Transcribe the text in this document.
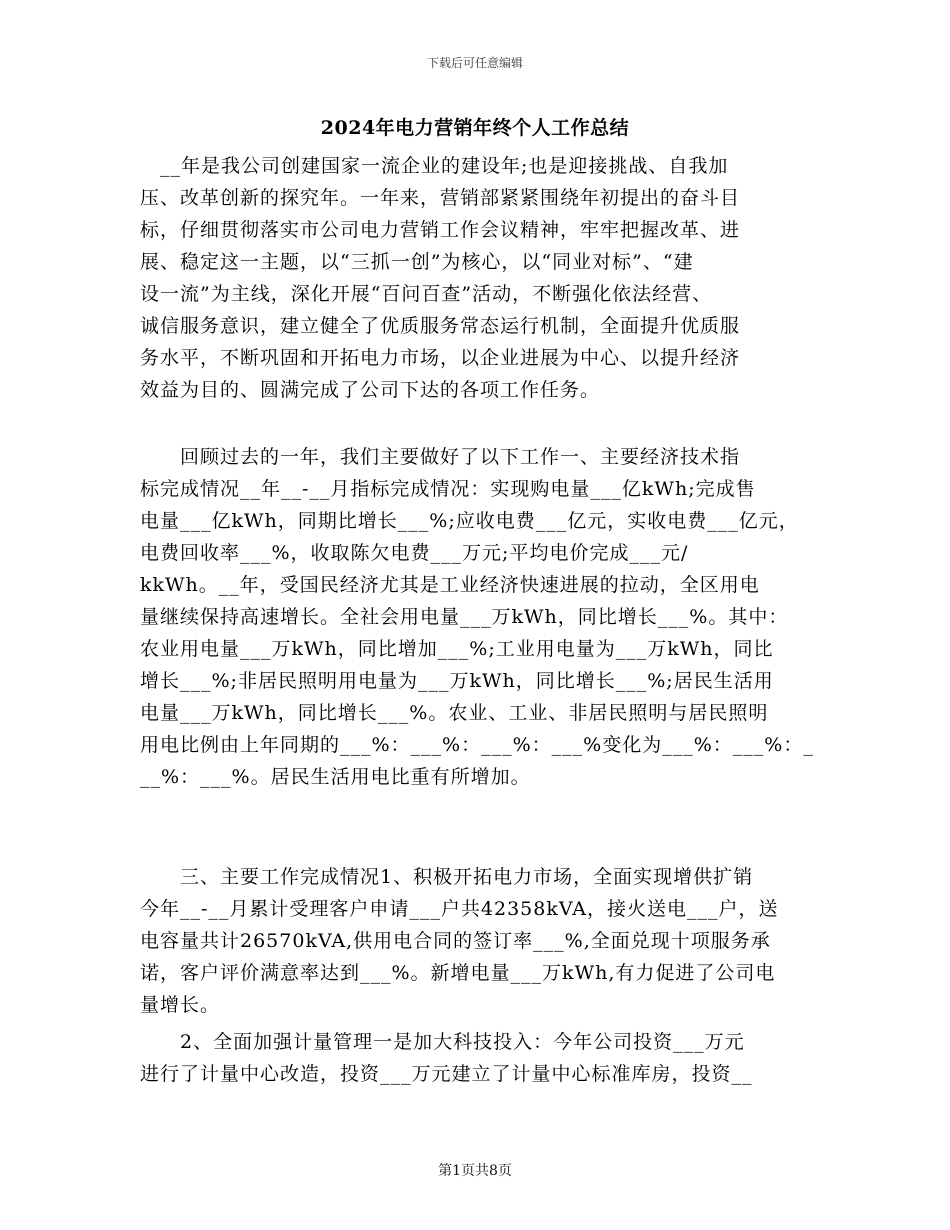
下载后可任意编辑
2024年电力营销年终个人工作总结
　__年是我公司创建国家一流企业的建设年;也是迎接挑战、自我加
压、改革创新的探究年。一年来，营销部紧紧围绕年初提出的奋斗目
标，仔细贯彻落实市公司电力营销工作会议精神，牢牢把握改革、进
展、稳定这一主题，以“三抓一创”为核心，以“同业对标”、“建
设一流”为主线，深化开展“百问百查”活动，不断强化依法经营、
诚信服务意识，建立健全了优质服务常态运行机制，全面提升优质服
务水平，不断巩固和开拓电力市场，以企业进展为中心、以提升经济
效益为目的、圆满完成了公司下达的各项工作任务。
　　回顾过去的一年，我们主要做好了以下工作一、主要经济技术指
标完成情况__年__-__月指标完成情况：实现购电量___亿kWh;完成售
电量___亿kWh，同期比增长___%;应收电费___亿元，实收电费___亿元，
电费回收率___%，收取陈欠电费___万元;平均电价完成___元/
kkWh。__年，受国民经济尤其是工业经济快速进展的拉动，全区用电
量继续保持高速增长。全社会用电量___万kWh，同比增长___%。其中：
农业用电量___万kWh，同比增加___%;工业用电量为___万kWh，同比
增长___%;非居民照明用电量为___万kWh，同比增长___%;居民生活用
电量___万kWh，同比增长___%。农业、工业、非居民照明与居民照明
用电比例由上年同期的___%：___%：___%：___%变化为___%：___%：_
__%：___%。居民生活用电比重有所增加。
　　三、主要工作完成情况1、积极开拓电力市场，全面实现增供扩销
今年__-__月累计受理客户申请___户共42358kVA，接火送电___户，送
电容量共计26570kVA,供用电合同的签订率___%,全面兑现十项服务承
诺，客户评价满意率达到___%。新增电量___万kWh,有力促进了公司电
量增长。
　　2、全面加强计量管理一是加大科技投入：今年公司投资___万元
进行了计量中心改造，投资___万元建立了计量中心标准库房，投资__
第1页共8页
